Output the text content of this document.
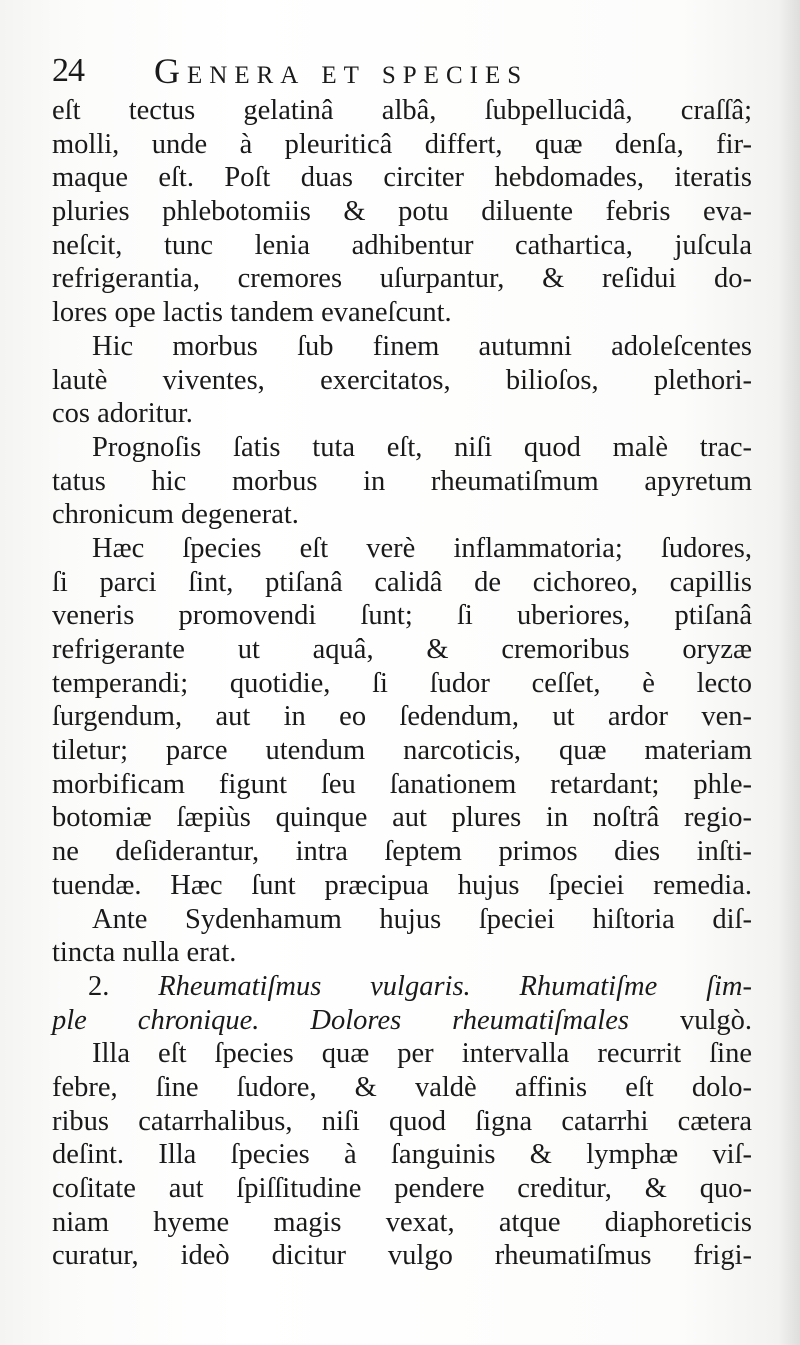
24 Genera et species
eſt tectus gelatinâ albâ, ſubpellucidâ, craſſâ;
molli, unde à pleuriticâ differt, quæ denſa, fir-
maque eſt. Poſt duas circiter hebdomades, iteratis
pluries phlebotomiis & potu diluente febris eva-
neſcit, tunc lenia adhibentur cathartica, juſcula
refrigerantia, cremores uſurpantur, & reſidui do-
lores ope lactis tandem evaneſcunt.
Hic morbus ſub finem autumni adoleſcentes
lautè viventes, exercitatos, bilioſos, plethori-
cos adoritur.
Prognoſis ſatis tuta eſt, niſi quod malè trac-
tatus hic morbus in rheumatiſmum apyretum
chronicum degenerat.
Hæc ſpecies eſt verè inflammatoria; ſudores,
ſi parci ſint, ptiſanâ calidâ de cichoreo, capillis
veneris promovendi ſunt; ſi uberiores, ptiſanâ
refrigerante ut aquâ, & cremoribus oryzæ
temperandi; quotidie, ſi ſudor ceſſet, è lecto
ſurgendum, aut in eo ſedendum, ut ardor ven-
tiletur; parce utendum narcoticis, quæ materiam
morbificam figunt ſeu ſanationem retardant; phle-
botomiæ ſæpiùs quinque aut plures in noſtrâ regio-
ne deſiderantur, intra ſeptem primos dies inſti-
tuendæ. Hæc ſunt præcipua hujus ſpeciei remedia.
Ante Sydenhamum hujus ſpeciei hiſtoria diſ-
tincta nulla erat.
2. Rheumatiſmus vulgaris. Rhumatiſme ſim-
ple chronique. Dolores rheumatiſmales vulgò.
Illa eſt ſpecies quæ per intervalla recurrit ſine
febre, ſine ſudore, & valdè affinis eſt dolo-
ribus catarrhalibus, niſi quod ſigna catarrhi cætera
deſint. Illa ſpecies à ſanguinis & lymphæ viſ-
coſitate aut ſpiſſitudine pendere creditur, & quo-
niam hyeme magis vexat, atque diaphoreticis
curatur, ideò dicitur vulgo rheumatiſmus frigi-
